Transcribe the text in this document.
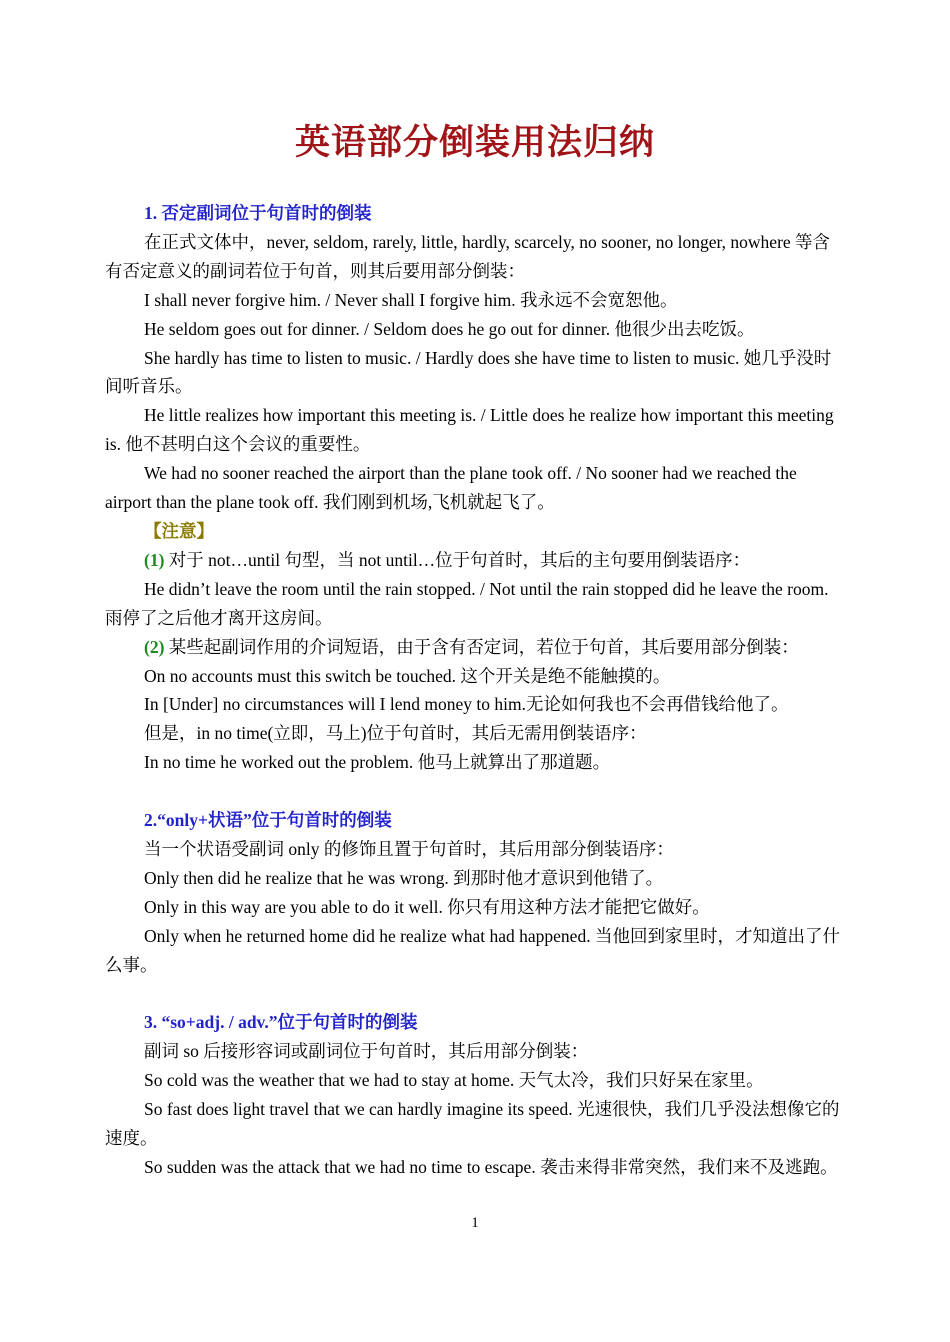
英语部分倒装用法归纳

1. 否定副词位于句首时的倒装

在正式文体中，never, seldom, rarely, little, hardly, scarcely, no sooner, no longer, nowhere 等含有否定意义的副词若位于句首，则其后要用部分倒装：

I shall never forgive him. / Never shall I forgive him. 我永远不会宽恕他。

He seldom goes out for dinner. / Seldom does he go out for dinner. 他很少出去吃饭。

She hardly has time to listen to music. / Hardly does she have time to listen to music. 她几乎没时间听音乐。

He little realizes how important this meeting is. / Little does he realize how important this meeting is. 他不甚明白这个会议的重要性。

We had no sooner reached the airport than the plane took off. / No sooner had we reached the airport than the plane took off. 我们刚到机场,飞机就起飞了。

【注意】

(1) 对于 not…until 句型，当 not until…位于句首时，其后的主句要用倒装语序：

He didn’t leave the room until the rain stopped. / Not until the rain stopped did he leave the room. 雨停了之后他才离开这房间。

(2) 某些起副词作用的介词短语，由于含有否定词，若位于句首，其后要用部分倒装：

On no accounts must this switch be touched. 这个开关是绝不能触摸的。

In [Under] no circumstances will I lend money to him.无论如何我也不会再借钱给他了。

但是，in no time(立即，马上)位于句首时，其后无需用倒装语序：

In no time he worked out the problem. 他马上就算出了那道题。

2.“only+状语”位于句首时的倒装

当一个状语受副词 only 的修饰且置于句首时，其后用部分倒装语序：

Only then did he realize that he was wrong. 到那时他才意识到他错了。

Only in this way are you able to do it well. 你只有用这种方法才能把它做好。

Only when he returned home did he realize what had happened. 当他回到家里时，才知道出了什么事。

3. “so+adj. / adv.”位于句首时的倒装

副词 so 后接形容词或副词位于句首时，其后用部分倒装：

So cold was the weather that we had to stay at home. 天气太冷，我们只好呆在家里。

So fast does light travel that we can hardly imagine its speed. 光速很快，我们几乎没法想像它的速度。

So sudden was the attack that we had no time to escape. 袭击来得非常突然，我们来不及逃跑。

1
